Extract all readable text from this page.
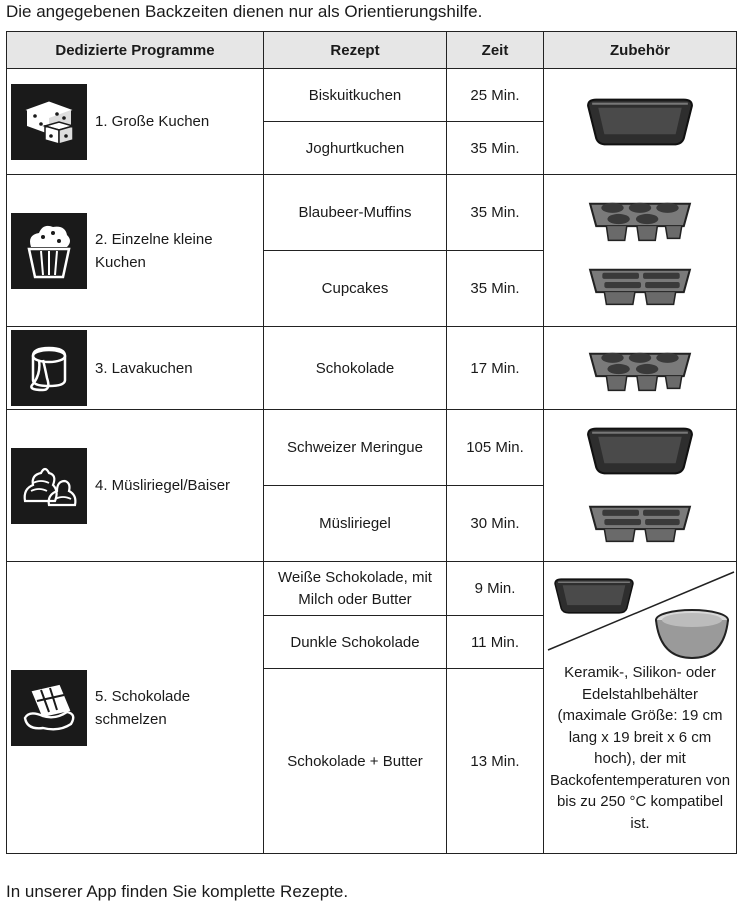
Die angegebenen Backzeiten dienen nur als Orientierungshilfe.
Dedizierte Programme	Rezept	Zeit	Zubehör

1. Große Kuchen	Biskuitkuchen	25 Min.	

	Joghurtkuchen	35 Min.	

2. Einzelne kleine Kuchen	Blaubeer-Muffins	35 Min.	

	Cupcakes	35 Min.	

3. Lavakuchen	Schokolade	17 Min.	

4. Müsliriegel/Baiser	Schweizer Meringue	105 Min.	

	Müsliriegel	30 Min.	

5. Schokolade schmelzen	Weiße Schokolade, mit Milch oder Butter	9 Min.	Keramik-, Silikon- oder Edelstahlbehälter (maximale Größe: 19 cm lang x 19 breit x 6 cm hoch), der mit Backofentemperaturen von bis zu 250 °C kompatibel ist.

	Dunkle Schokolade	11 Min.	
	Schokolade + Butter	13 Min.	
In unserer App finden Sie komplette Rezepte.
